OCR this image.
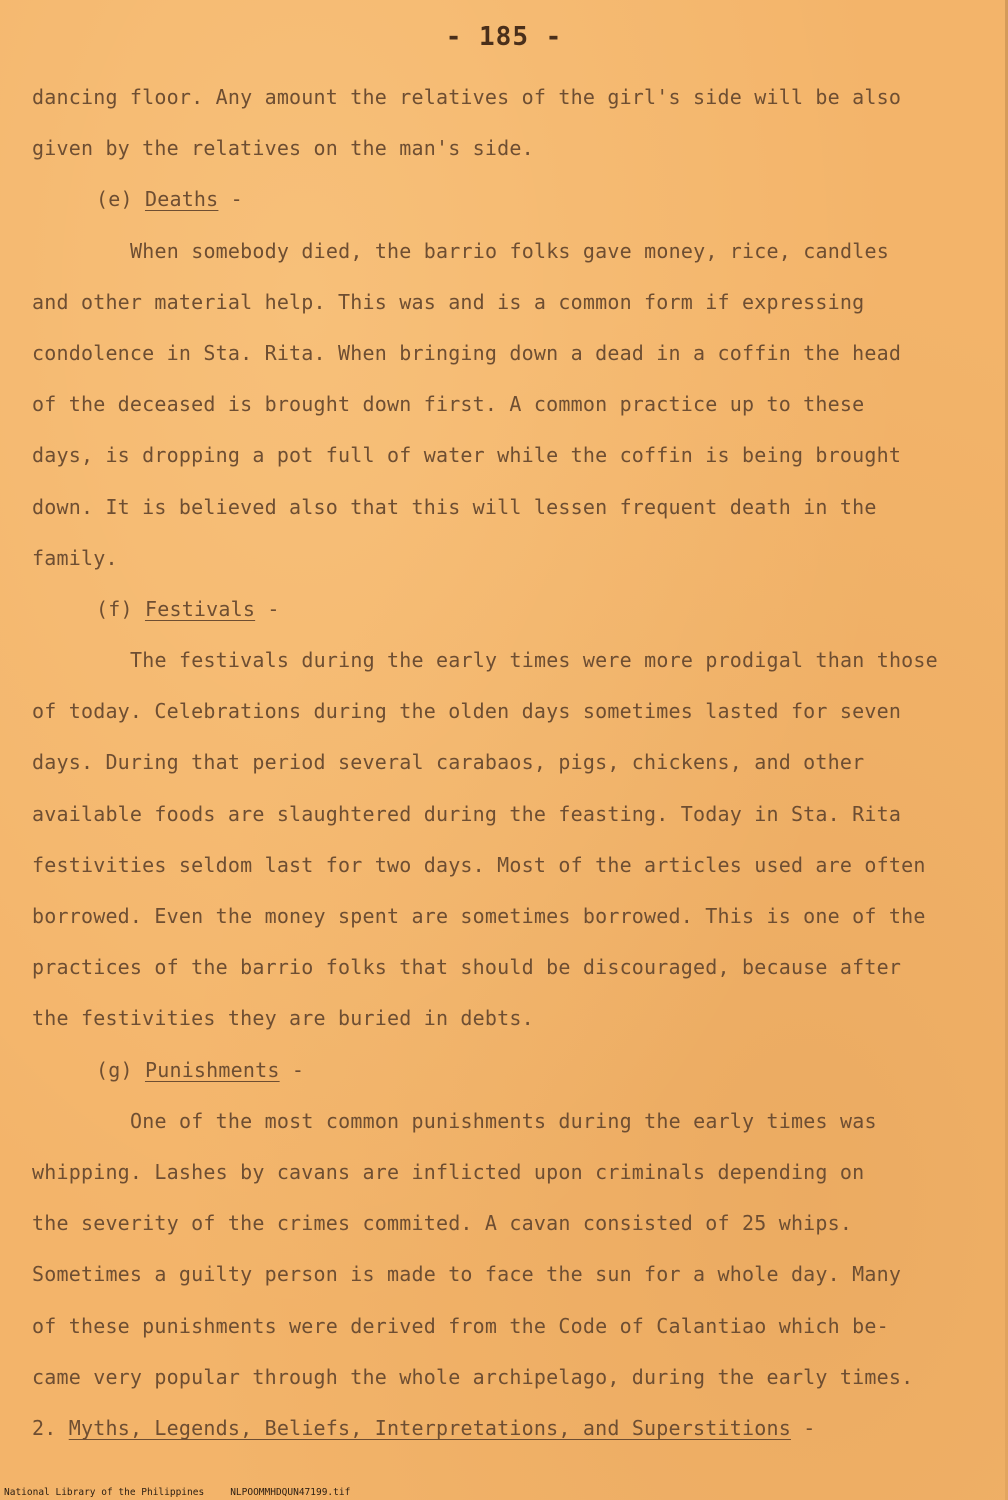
- 185 -
dancing floor. Any amount the relatives of the girl's side will be also
given by the relatives on the man's side.
(e) Deaths -
When somebody died, the barrio folks gave money, rice, candles
and other material help. This was and is a common form if expressing
condolence in Sta. Rita. When bringing down a dead in a coffin the head
of the deceased is brought down first. A common practice up to these
days, is dropping a pot full of water while the coffin is being brought
down. It is believed also that this will lessen frequent death in the
family.
(f) Festivals -
The festivals during the early times were more prodigal than those
of today. Celebrations during the olden days sometimes lasted for seven
days. During that period several carabaos, pigs, chickens, and other
available foods are slaughtered during the feasting. Today in Sta. Rita
festivities seldom last for two days. Most of the articles used are often
borrowed. Even the money spent are sometimes borrowed. This is one of the
practices of the barrio folks that should be discouraged, because after
the festivities they are buried in debts.
(g) Punishments -
One of the most common punishments during the early times was
whipping. Lashes by cavans are inflicted upon criminals depending on
the severity of the crimes commited. A cavan consisted of 25 whips.
Sometimes a guilty person is made to face the sun for a whole day. Many
of these punishments were derived from the Code of Calantiao which be-
came very popular through the whole archipelago, during the early times.
2. Myths, Legends, Beliefs, Interpretations, and Superstitions -
National Library of the Philippines	NLPOOMMHDQUN47199.tif
